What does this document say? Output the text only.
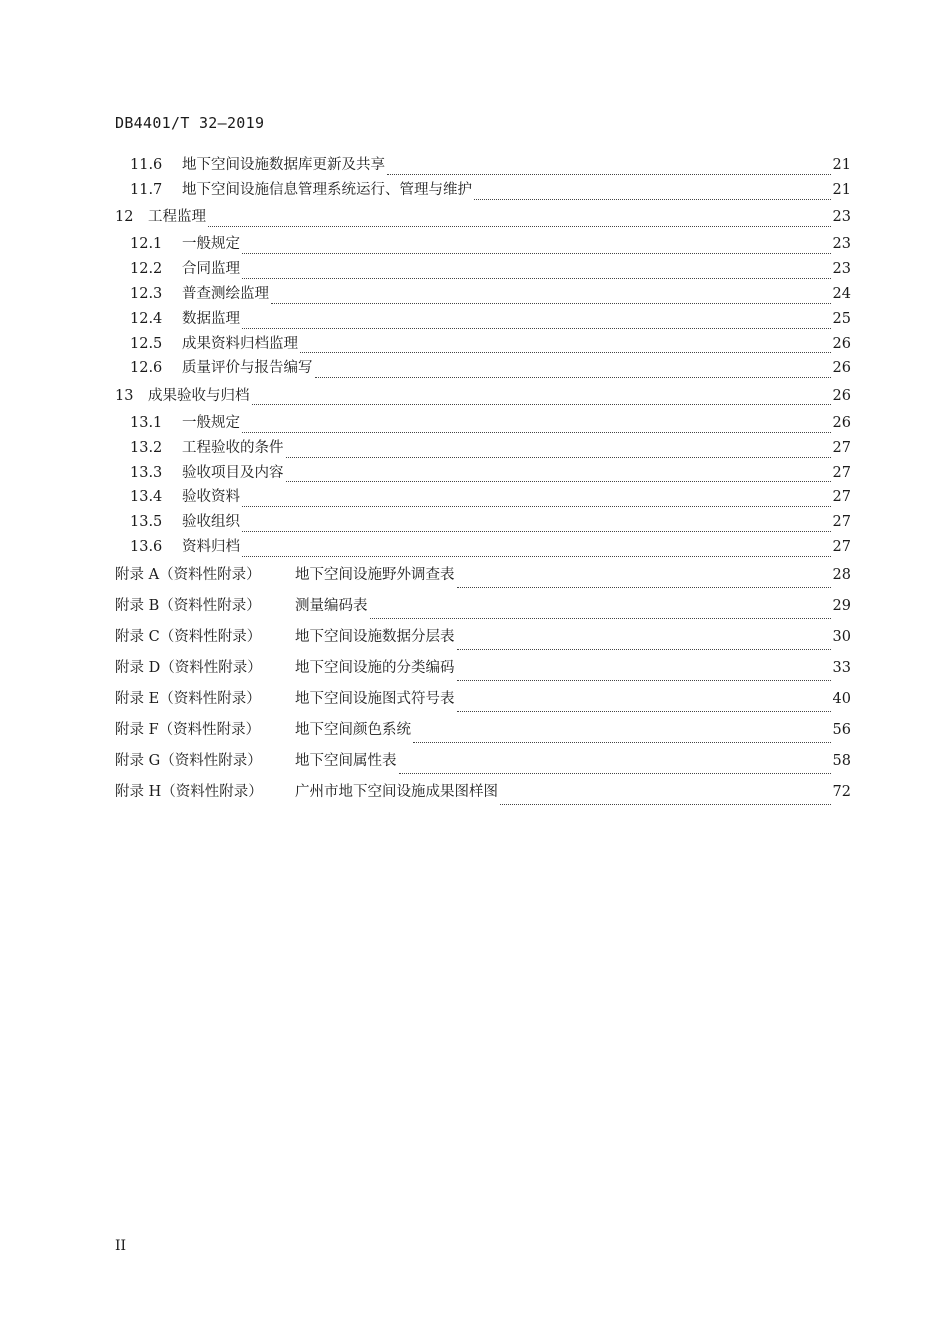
DB4401/T 32—2019
11.6	地下空间设施数据库更新及共享	21
11.7	地下空间设施信息管理系统运行、管理与维护	21
12	工程监理	23
12.1	一般规定	23
12.2	合同监理	23
12.3	普查测绘监理	24
12.4	数据监理	25
12.5	成果资料归档监理	26
12.6	质量评价与报告编写	26
13	成果验收与归档	26
13.1	一般规定	26
13.2	工程验收的条件	27
13.3	验收项目及内容	27
13.4	验收资料	27
13.5	验收组织	27
13.6	资料归档	27
附录 A（资料性附录）	地下空间设施野外调查表	28
附录 B（资料性附录）	测量编码表	29
附录 C（资料性附录）	地下空间设施数据分层表	30
附录 D（资料性附录）	地下空间设施的分类编码	33
附录 E（资料性附录）	地下空间设施图式符号表	40
附录 F（资料性附录）	地下空间颜色系统	56
附录 G（资料性附录）	地下空间属性表	58
附录 H（资料性附录）	广州市地下空间设施成果图样图	72
II
